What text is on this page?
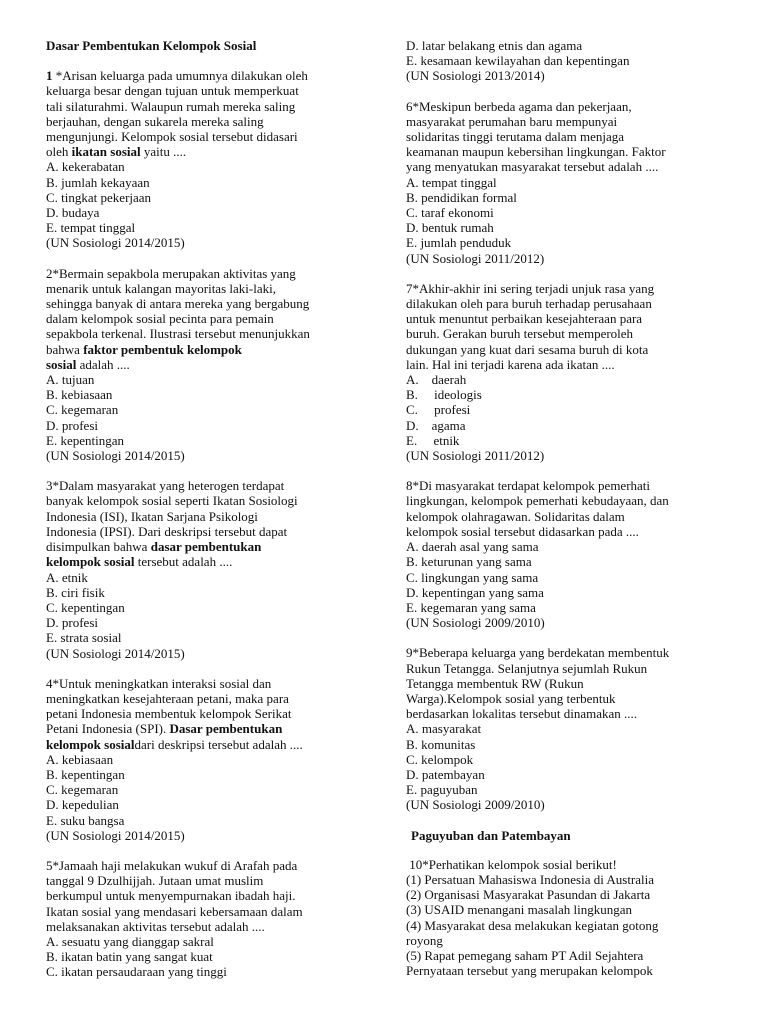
Dasar Pembentukan Kelompok Sosial
1 *Arisan keluarga pada umumnya dilakukan oleh
keluarga besar dengan tujuan untuk memperkuat
tali silaturahmi. Walaupun rumah mereka saling
berjauhan, dengan sukarela mereka saling
mengunjungi. Kelompok sosial tersebut didasari
oleh ikatan sosial yaitu ....
A. kekerabatan
B. jumlah kekayaan
C. tingkat pekerjaan
D. budaya
E. tempat tinggal
(UN Sosiologi 2014/2015)
2*Bermain sepakbola merupakan aktivitas yang
menarik untuk kalangan mayoritas laki-laki,
sehingga banyak di antara mereka yang bergabung
dalam kelompok sosial pecinta para pemain
sepakbola terkenal. Ilustrasi tersebut menunjukkan
bahwa faktor pembentuk kelompok
sosial adalah ....
A. tujuan
B. kebiasaan
C. kegemaran
D. profesi
E. kepentingan
(UN Sosiologi 2014/2015)
3*Dalam masyarakat yang heterogen terdapat
banyak kelompok sosial seperti Ikatan Sosiologi
Indonesia (ISI), Ikatan Sarjana Psikologi
Indonesia (IPSI). Dari deskripsi tersebut dapat
disimpulkan bahwa dasar pembentukan
kelompok sosial tersebut adalah ....
A. etnik
B. ciri fisik
C. kepentingan
D. profesi
E. strata sosial
(UN Sosiologi 2014/2015)
4*Untuk meningkatkan interaksi sosial dan
meningkatkan kesejahteraan petani, maka para
petani Indonesia membentuk kelompok Serikat
Petani Indonesia (SPI). Dasar pembentukan
kelompok sosialdari deskripsi tersebut adalah ....
A. kebiasaan
B. kepentingan
C. kegemaran
D. kepedulian
E. suku bangsa
(UN Sosiologi 2014/2015)
5*Jamaah haji melakukan wukuf di Arafah pada
tanggal 9 Dzulhijjah. Jutaan umat muslim
berkumpul untuk menyempurnakan ibadah haji.
Ikatan sosial yang mendasari kebersamaan dalam
melaksanakan aktivitas tersebut adalah ....
A. sesuatu yang dianggap sakral
B. ikatan batin yang sangat kuat
C. ikatan persaudaraan yang tinggi
D. latar belakang etnis dan agama
E. kesamaan kewilayahan dan kepentingan
(UN Sosiologi 2013/2014)
6*Meskipun berbeda agama dan pekerjaan,
masyarakat perumahan baru mempunyai
solidaritas tinggi terutama dalam menjaga
keamanan maupun kebersihan lingkungan. Faktor
yang menyatukan masyarakat tersebut adalah ....
A. tempat tinggal
B. pendidikan formal
C. taraf ekonomi
D. bentuk rumah
E. jumlah penduduk
(UN Sosiologi 2011/2012)
7*Akhir-akhir ini sering terjadi unjuk rasa yang
dilakukan oleh para buruh terhadap perusahaan
untuk menuntut perbaikan kesejahteraan para
buruh. Gerakan buruh tersebut memperoleh
dukungan yang kuat dari sesama buruh di kota
lain. Hal ini terjadi karena ada ikatan ....
A.    daerah
B.     ideologis
C.     profesi
D.    agama
E.     etnik
(UN Sosiologi 2011/2012)
8*Di masyarakat terdapat kelompok pemerhati
lingkungan, kelompok pemerhati kebudayaan, dan
kelompok olahragawan. Solidaritas dalam
kelompok sosial tersebut didasarkan pada ....
A. daerah asal yang sama
B. keturunan yang sama
C. lingkungan yang sama
D. kepentingan yang sama
E. kegemaran yang sama
(UN Sosiologi 2009/2010)
9*Beberapa keluarga yang berdekatan membentuk
Rukun Tetangga. Selanjutnya sejumlah Rukun
Tetangga membentuk RW (Rukun
Warga).Kelompok sosial yang terbentuk
berdasarkan lokalitas tersebut dinamakan ....
A. masyarakat
B. komunitas
C. kelompok
D. patembayan
E. paguyuban
(UN Sosiologi 2009/2010)
Paguyuban dan Patembayan
10*Perhatikan kelompok sosial berikut!
(1) Persatuan Mahasiswa Indonesia di Australia
(2) Organisasi Masyarakat Pasundan di Jakarta
(3) USAID menangani masalah lingkungan
(4) Masyarakat desa melakukan kegiatan gotong
royong
(5) Rapat pemegang saham PT Adil Sejahtera
Pernyataan tersebut yang merupakan kelompok
